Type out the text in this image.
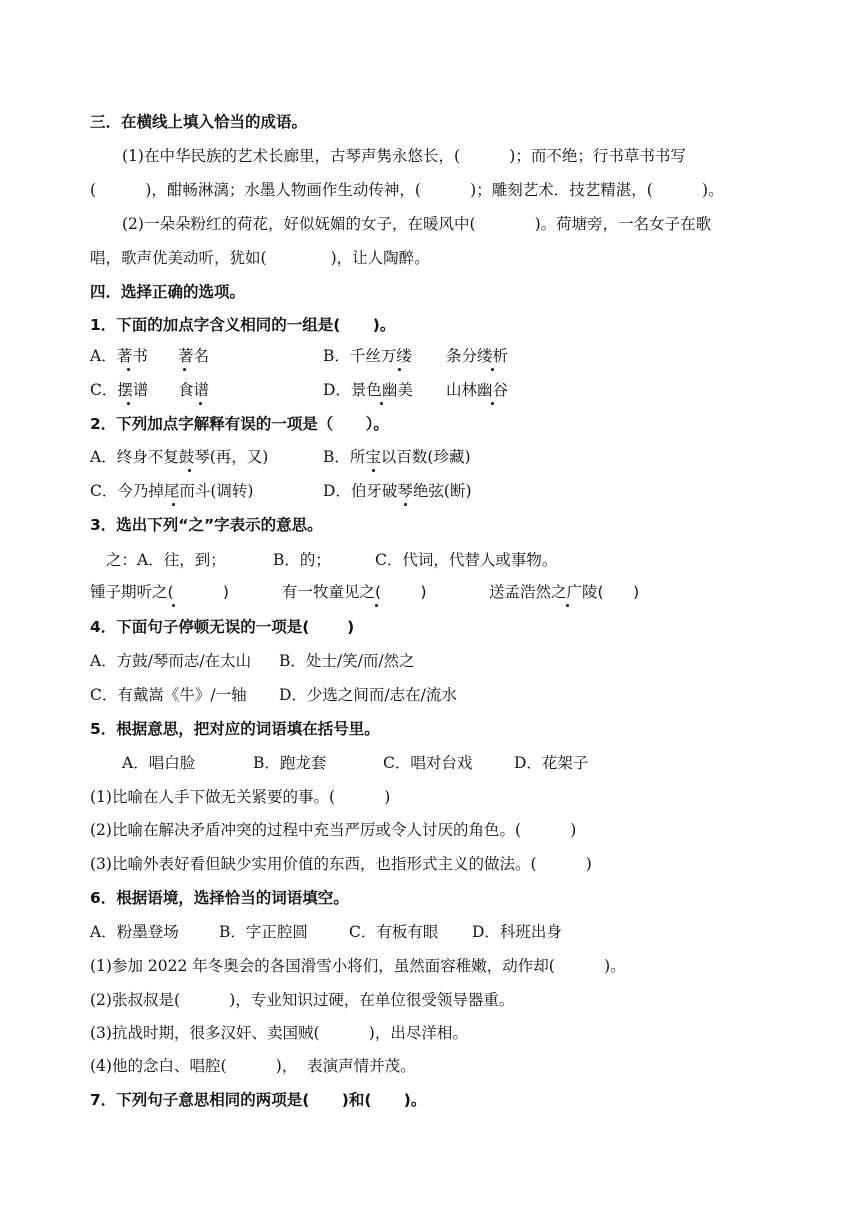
三．在横线上填入恰当的成语。
(1)在中华民族的艺术长廊里，古琴声隽永悠长，(          )；而不绝；行书草书书写
(          )，酣畅淋漓；水墨人物画作生动传神，(          )；雕刻艺术．技艺精湛，(          )。
(2)一朵朵粉红的荷花，好似妩媚的女子，在暖风中(            )。荷塘旁，一名女子在歌
唱，歌声优美动听，犹如(             )，让人陶醉。
四．选择正确的选项。
1．下面的加点字含义相同的一组是(      )。
A．著书 著名	B．千丝万缕 条分缕析
C．摆谱 食谱	D．景色幽美 山林幽谷
2．下列加点字解释有误的一项是（      ）。
A．终身不复鼓琴(再，又)	B．所宝以百数(珍藏)
C．今乃掉尾而斗(调转)	D．伯牙破琴绝弦(断)
3．选出下列“之”字表示的意思。
之：A．往，到；	B．的；	C．代词，代替人或事物。
锺子期听之(          )	有一牧童见之(        )	送孟浩然之广陵(      )
4．下面句子停顿无误的一项是(       )
A．方鼓/琴而志/在太山 B．处士/笑/而/然之
C．有戴嵩《牛》/一轴 D．少选之间而/志在/流水
5．根据意思，把对应的词语填在括号里。
A．唱白脸	B．跑龙套	C．唱对台戏	D．花架子
(1)比喻在人手下做无关紧要的事。(          )
(2)比喻在解决矛盾冲突的过程中充当严厉或令人讨厌的角色。(          )
(3)比喻外表好看但缺少实用价值的东西，也指形式主义的做法。(          )
6．根据语境，选择恰当的词语填空。
A．粉墨登场	B．字正腔圆	C．有板有眼 D．科班出身
(1)参加 2022 年冬奥会的各国滑雪小将们，虽然面容稚嫩，动作却(          )。
(2)张叔叔是(          )，专业知识过硬，在单位很受领导器重。
(3)抗战时期，很多汉奸、卖国贼(          )，出尽洋相。
(4)他的念白、唱腔(          )，  表演声情并茂。
7．下列句子意思相同的两项是(      )和(      )。
